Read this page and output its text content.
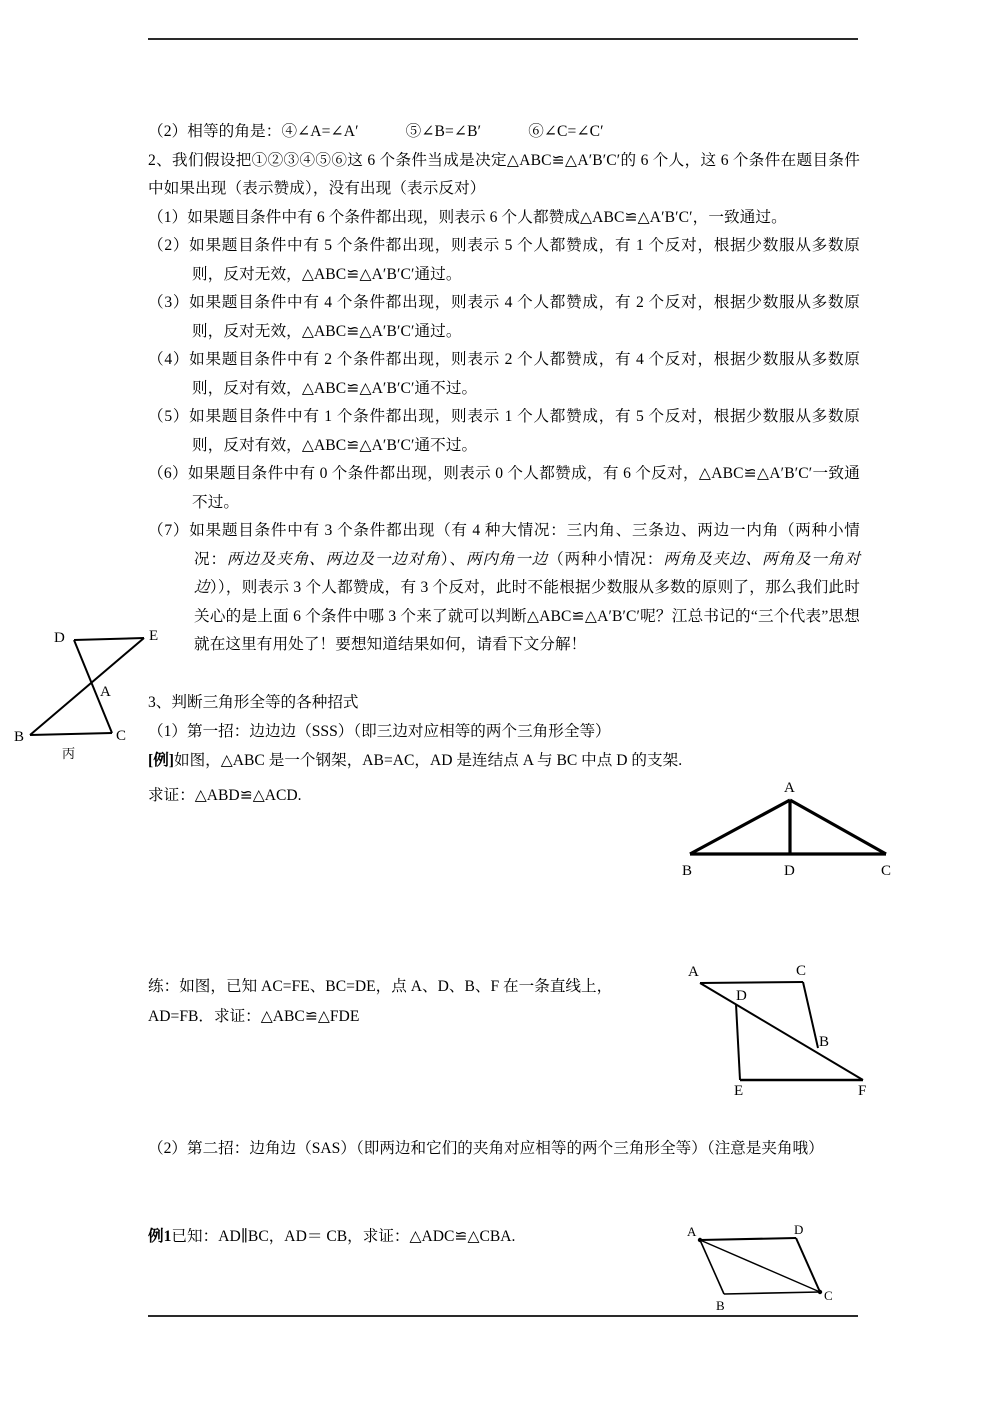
（2）相等的角是：④∠A=∠A′　　　⑤∠B=∠B′　　　⑥∠C=∠C′

2、我们假设把①②③④⑤⑥这 6 个条件当成是决定△ABC≌△A′B′C′的 6 个人，这 6 个条件在题目条件中如果出现（表示赞成），没有出现（表示反对）

（1）如果题目条件中有 6 个条件都出现，则表示 6 个人都赞成△ABC≌△A′B′C′，一致通过。

（2）如果题目条件中有 5 个条件都出现，则表示 5 个人都赞成，有 1 个反对，根据少数服从多数原则，反对无效，△ABC≌△A′B′C′通过。

（3）如果题目条件中有 4 个条件都出现，则表示 4 个人都赞成，有 2 个反对，根据少数服从多数原则，反对无效，△ABC≌△A′B′C′通过。

（4）如果题目条件中有 2 个条件都出现，则表示 2 个人都赞成，有 4 个反对，根据少数服从多数原则，反对有效，△ABC≌△A′B′C′通不过。

（5）如果题目条件中有 1 个条件都出现，则表示 1 个人都赞成，有 5 个反对，根据少数服从多数原则，反对有效，△ABC≌△A′B′C′通不过。

（6）如果题目条件中有 0 个条件都出现，则表示 0 个人都赞成，有 6 个反对，△ABC≌△A′B′C′一致通不过。

（7）如果题目条件中有 3 个条件都出现（有 4 种大情况：三内角、三条边、两边一内角（两种小情况：两边及夹角、两边及一边对角）、两内角一边（两种小情况：两角及夹边、两角及一角对边）），则表示 3 个人都赞成，有 3 个反对，此时不能根据少数服从多数的原则了，那么我们此时关心的是上面 6 个条件中哪 3 个来了就可以判断△ABC≌△A′B′C′呢？江总书记的“三个代表”思想就在这里有用处了！要想知道结果如何，请看下文分解！

3、判断三角形全等的各种招式

（1）第一招：边边边（SSS）（即三边对应相等的两个三角形全等）

[例]如图，△ABC 是一个钢架，AB=AC，AD 是连结点 A 与 BC 中点 D 的支架.

求证：△ABD≌△ACD.

练：如图，已知 AC=FE、BC=DE，点 A、D、B、F 在一条直线上，

AD=FB．求证：△ABC≌△FDE

（2）第二招：边角边（SAS）（即两边和它们的夹角对应相等的两个三角形全等）（注意是夹角哦）

例1已知：AD∥BC，AD＝ CB，求证：△ADC≌△CBA.

D	E
A
B	C
丙
A
B	D	C
A	C
D
B
E	F
A	D
B
C
